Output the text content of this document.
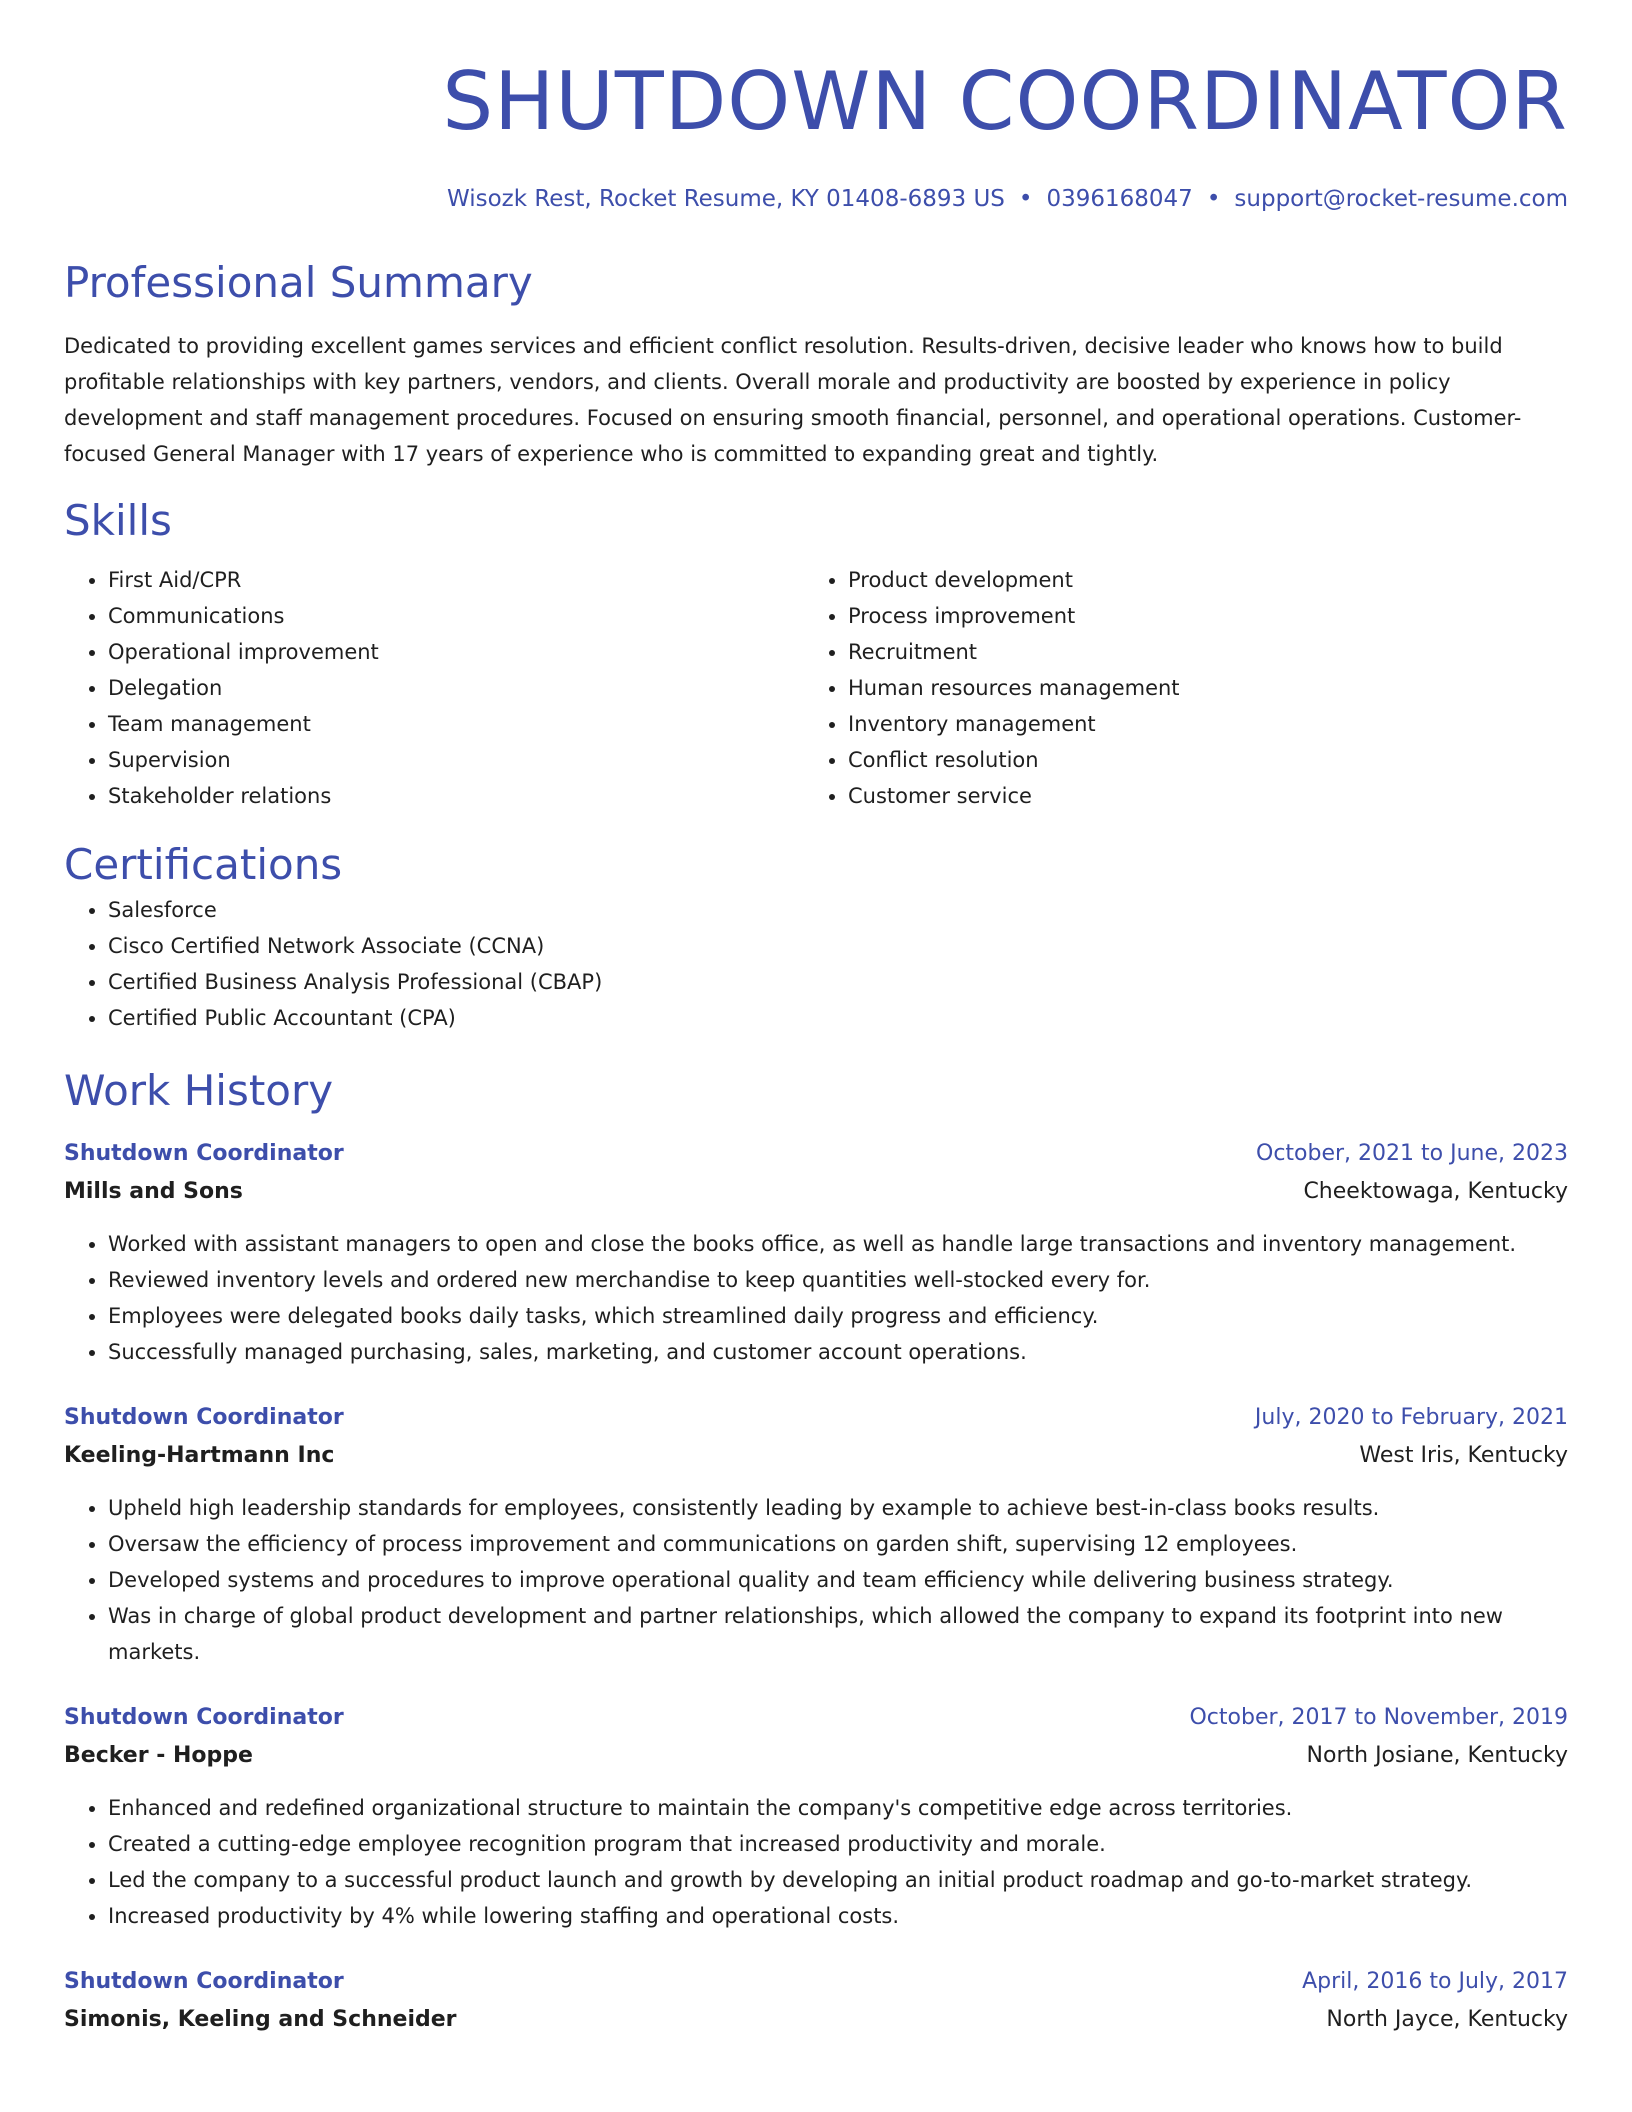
SHUTDOWN COORDINATOR
Wisozk Rest, Rocket Resume, KY 01408-6893 US • 0396168047 • support@rocket-resume.com
Professional Summary

Dedicated to providing excellent games services and efficient conflict resolution. Results-driven, decisive leader who knows how to build profitable relationships with key partners, vendors, and clients. Overall morale and productivity are boosted by experience in policy development and staff management procedures. Focused on ensuring smooth financial, personnel, and operational operations. Customer-focused General Manager with 17 years of experience who is committed to expanding great and tightly.

Skills
• First Aid/CPR
• Communications
• Operational improvement
• Delegation
• Team management
• Supervision
• Stakeholder relations
• Product development
• Process improvement
• Recruitment
• Human resources management
• Inventory management
• Conflict resolution
• Customer service
Certifications
• Salesforce
• Cisco Certified Network Associate (CCNA)
• Certified Business Analysis Professional (CBAP)
• Certified Public Accountant (CPA)
Work History
Shutdown Coordinator	October, 2021 to June, 2023
Mills and Sons	Cheektowaga, Kentucky
• Worked with assistant managers to open and close the books office, as well as handle large transactions and inventory management.
• Reviewed inventory levels and ordered new merchandise to keep quantities well-stocked every for.
• Employees were delegated books daily tasks, which streamlined daily progress and efficiency.
• Successfully managed purchasing, sales, marketing, and customer account operations.
Shutdown Coordinator	July, 2020 to February, 2021
Keeling-Hartmann Inc	West Iris, Kentucky
• Upheld high leadership standards for employees, consistently leading by example to achieve best-in-class books results.
• Oversaw the efficiency of process improvement and communications on garden shift, supervising 12 employees.
• Developed systems and procedures to improve operational quality and team efficiency while delivering business strategy.
• Was in charge of global product development and partner relationships, which allowed the company to expand its footprint into new markets.
Shutdown Coordinator	October, 2017 to November, 2019
Becker - Hoppe	North Josiane, Kentucky
• Enhanced and redefined organizational structure to maintain the company's competitive edge across territories.
• Created a cutting-edge employee recognition program that increased productivity and morale.
• Led the company to a successful product launch and growth by developing an initial product roadmap and go-to-market strategy.
• Increased productivity by 4% while lowering staffing and operational costs.
Shutdown Coordinator	April, 2016 to July, 2017
Simonis, Keeling and Schneider	North Jayce, Kentucky
